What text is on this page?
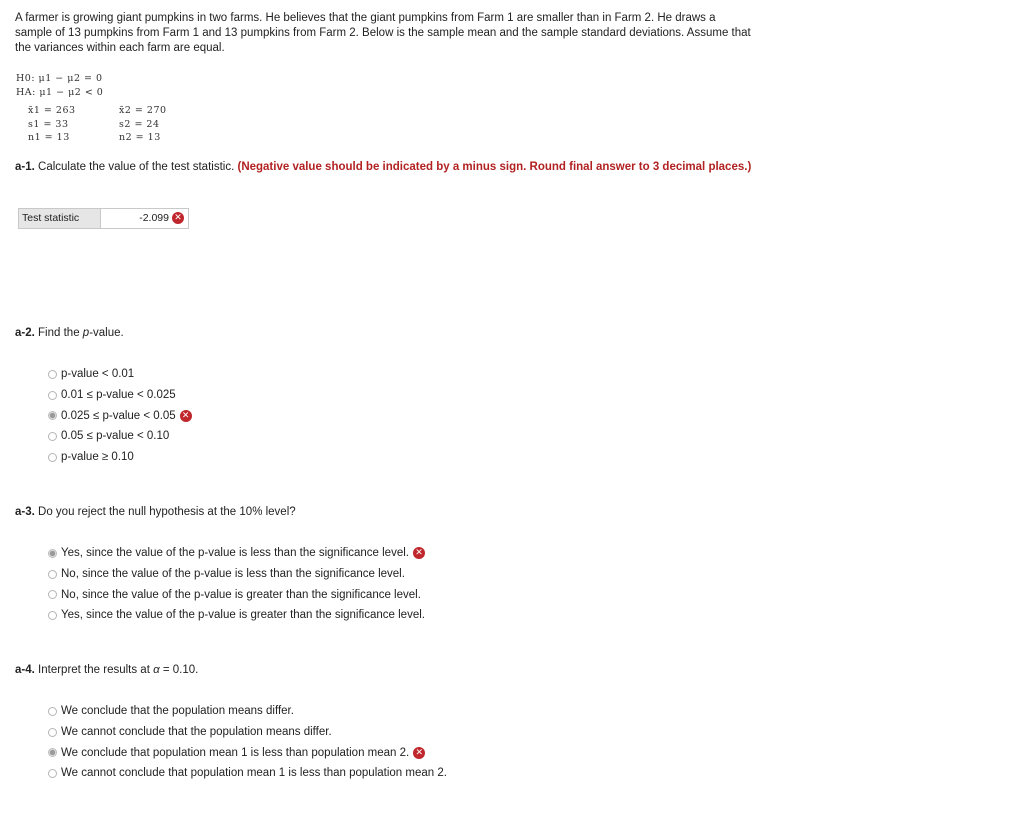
A farmer is growing giant pumpkins in two farms. He believes that the giant pumpkins from Farm 1 are smaller than in Farm 2. He draws a sample of 13 pumpkins from Farm 1 and 13 pumpkins from Farm 2. Below is the sample mean and the sample standard deviations. Assume that the variances within each farm are equal.
H0: μ1 − μ2 = 0
HA: μ1 − μ2 < 0
x̄1 = 263
s1 = 33
n1 = 13
x̄2 = 270
s2 = 24
n2 = 13
a-1. Calculate the value of the test statistic. (Negative value should be indicated by a minus sign. Round final answer to 3 decimal places.)
Test statistic	-2.099 ✕
a-2. Find the p-value.
p-value < 0.01
0.01 ≤ p-value < 0.025
0.025 ≤ p-value < 0.05 ✕
0.05 ≤ p-value < 0.10
p-value ≥ 0.10
a-3. Do you reject the null hypothesis at the 10% level?
Yes, since the value of the p-value is less than the significance level. ✕
No, since the value of the p-value is less than the significance level.
No, since the value of the p-value is greater than the significance level.
Yes, since the value of the p-value is greater than the significance level.
a-4. Interpret the results at α = 0.10.
We conclude that the population means differ.
We cannot conclude that the population means differ.
We conclude that population mean 1 is less than population mean 2. ✕
We cannot conclude that population mean 1 is less than population mean 2.
